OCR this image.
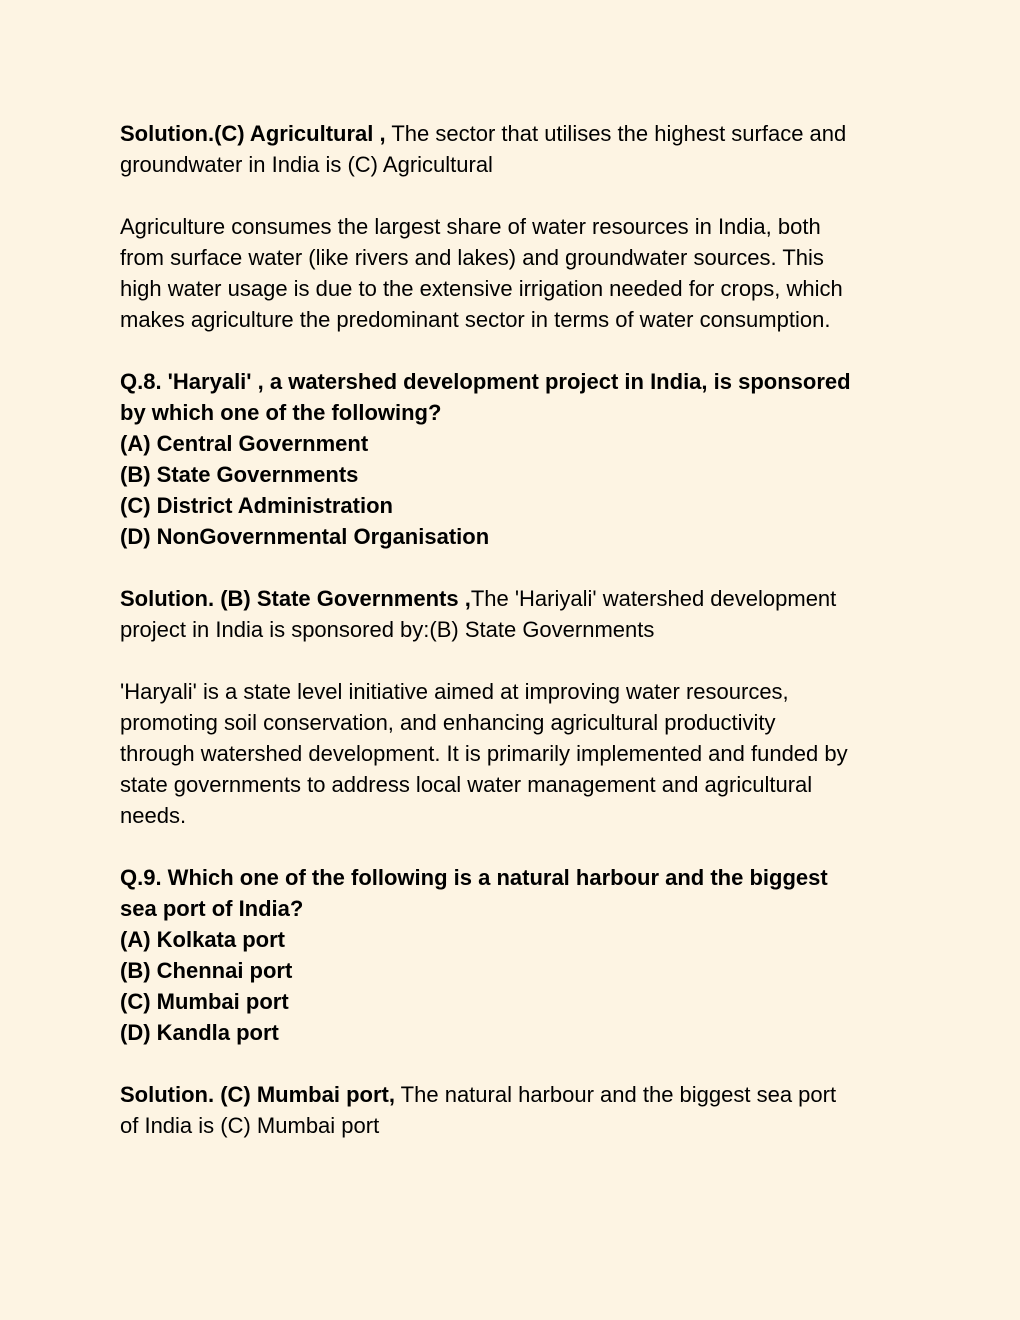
Solution.(C) Agricultural , The sector that utilises the highest surface and
groundwater in India is (C) Agricultural
Agriculture consumes the largest share of water resources in India, both
from surface water (like rivers and lakes) and groundwater sources. This
high water usage is due to the extensive irrigation needed for crops, which
makes agriculture the predominant sector in terms of water consumption.
Q.8. 'Haryali' , a watershed development project in India, is sponsored
by which one of the following?
(A) Central Government
(B) State Governments
(C) District Administration
(D) NonGovernmental Organisation
Solution. (B) State Governments ,The 'Hariyali' watershed development
project in India is sponsored by:(B) State Governments
'Haryali' is a state level initiative aimed at improving water resources,
promoting soil conservation, and enhancing agricultural productivity
through watershed development. It is primarily implemented and funded by
state governments to address local water management and agricultural
needs.
Q.9. Which one of the following is a natural harbour and the biggest
sea port of India?
(A) Kolkata port
(B) Chennai port
(C) Mumbai port
(D) Kandla port
Solution. (C) Mumbai port, The natural harbour and the biggest sea port
of India is (C) Mumbai port
